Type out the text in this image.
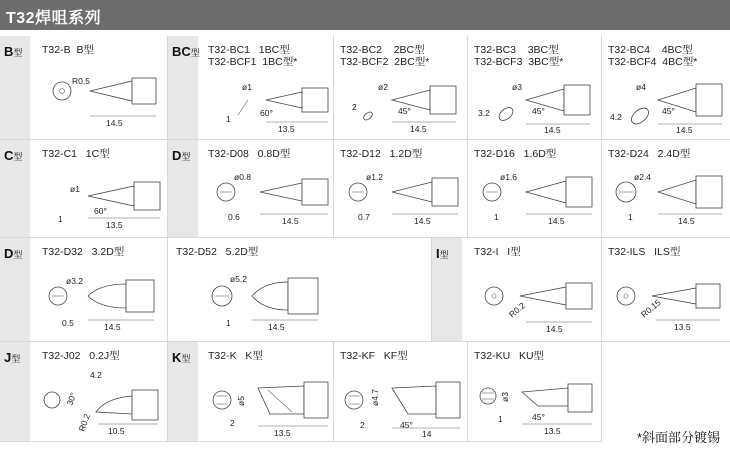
T32焊咀系列
B型 T32-B B型
R0.5
14.5
BC型 T32-BC1 1BC型
T32-BCF1 1BC型*
ø1
60°
1
13.5
T32-BC2 2BC型
T32-BCF2 2BC型*
ø2
45°
2
14.5
T32-BC3 3BC型
T32-BCF3 3BC型*
ø3
45°
3.2
14.5
T32-BC4 4BC型
T32-BCF4 4BC型*
ø4
45°
4.2
14.5
C型 T32-C1 1C型
ø1
60°
1
13.5
D型 T32-D08 0.8D型
ø0.8
0.6	14.5
T32-D12 1.2D型
ø1.2
0.7	14.5
T32-D16 1.6D型
ø1.6
1	14.5
T32-D24 2.4D型
ø2.4
1	14.5
D型 T32-D32 3.2D型
ø3.2
0.5	14.5
T32-D52 5.2D型
ø5.2
1	14.5
I型 T32-I I型
R0.2
14.5
T32-ILS ILS型
R0.15
13.5
J型 T32-J02 0.2J型
4.2
30°
R0.2 10.5
K型 T32-K K型
ø5
2
13.5
T32-KF KF型
ø4.7
45°
2
14
T32-KU KU型
ø3
45°
1
13.5	*斜面部分镀锡
